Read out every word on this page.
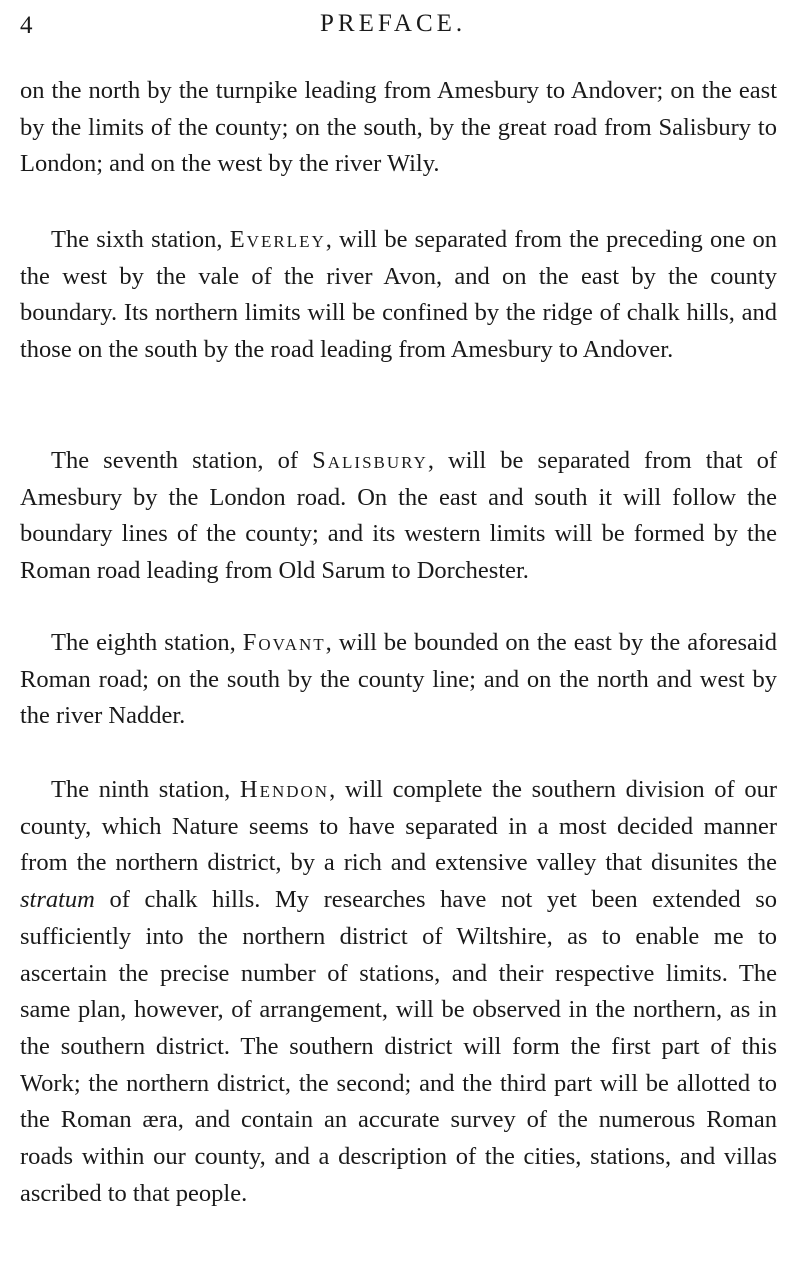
4	PREFACE.

on the north by the turnpike leading from Amesbury to Andover; on the east by the limits of the county; on the south, by the great road from Salisbury to London; and on the west by the river Wily.

The sixth station, Everley, will be separated from the preceding one on the west by the vale of the river Avon, and on the east by the county boundary. Its northern limits will be confined by the ridge of chalk hills, and those on the south by the road leading from Amesbury to Andover.

The seventh station, of Salisbury, will be separated from that of Amesbury by the London road. On the east and south it will follow the boundary lines of the county; and its western limits will be formed by the Roman road leading from Old Sarum to Dorchester.

The eighth station, Fovant, will be bounded on the east by the aforesaid Roman road; on the south by the county line; and on the north and west by the river Nadder.

The ninth station, Hendon, will complete the southern division of our county, which Nature seems to have separated in a most decided manner from the northern district, by a rich and extensive valley that disunites the stratum of chalk hills. My researches have not yet been extended so sufficiently into the northern district of Wiltshire, as to enable me to ascertain the precise number of stations, and their respective limits. The same plan, however, of arrangement, will be observed in the northern, as in the southern district. The southern district will form the first part of this Work; the northern district, the second; and the third part will be allotted to the Roman æra, and contain an accurate survey of the numerous Roman roads within our county, and a description of the cities, stations, and villas ascribed to that people.
